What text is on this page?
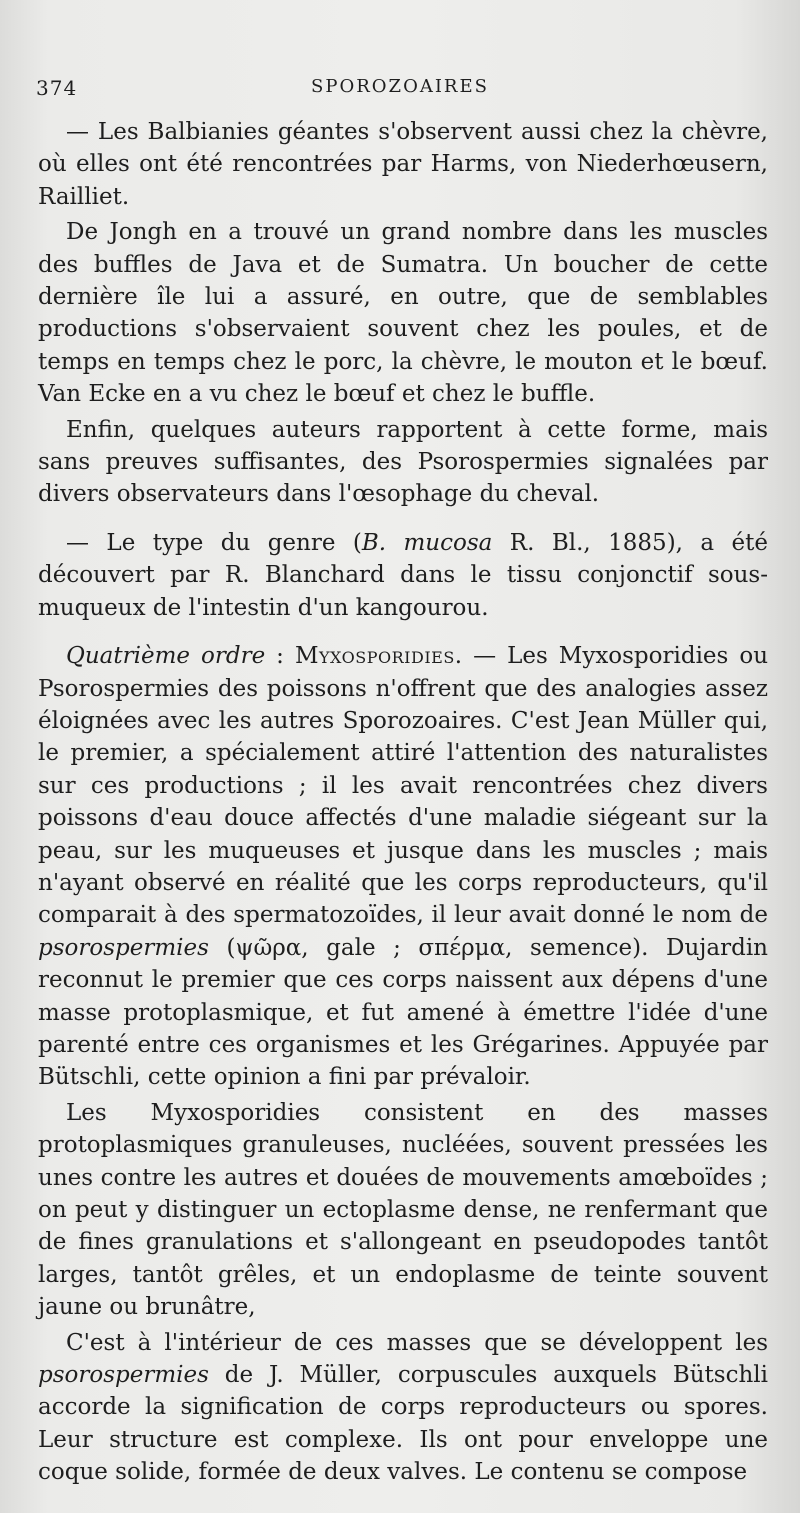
374	SPOROZOAIRES

— Les Balbianies géantes s'observent aussi chez la chèvre, où elles ont été rencontrées par Harms, von Niederhœusern, Railliet.

De Jongh en a trouvé un grand nombre dans les muscles des buffles de Java et de Sumatra. Un boucher de cette dernière île lui a assuré, en outre, que de semblables productions s'observaient souvent chez les poules, et de temps en temps chez le porc, la chèvre, le mouton et le bœuf. Van Ecke en a vu chez le bœuf et chez le buffle.

Enfin, quelques auteurs rapportent à cette forme, mais sans preuves suffisantes, des Psorospermies signalées par divers observateurs dans l'œsophage du cheval.

— Le type du genre (B. mucosa R. Bl., 1885), a été découvert par R. Blanchard dans le tissu conjonctif sous-muqueux de l'intestin d'un kangourou.

Quatrième ordre : Myxosporidies. — Les Myxosporidies ou Psorospermies des poissons n'offrent que des analogies assez éloignées avec les autres Sporozoaires. C'est Jean Müller qui, le premier, a spécialement attiré l'attention des naturalistes sur ces productions ; il les avait rencontrées chez divers poissons d'eau douce affectés d'une maladie siégeant sur la peau, sur les muqueuses et jusque dans les muscles ; mais n'ayant observé en réalité que les corps reproducteurs, qu'il comparait à des spermatozoïdes, il leur avait donné le nom de psorospermies (ψῶρα, gale ; σπέρμα, semence). Dujardin reconnut le premier que ces corps naissent aux dépens d'une masse protoplasmique, et fut amené à émettre l'idée d'une parenté entre ces organismes et les Grégarines. Appuyée par Bütschli, cette opinion a fini par prévaloir.

Les Myxosporidies consistent en des masses protoplasmiques granuleuses, nucléées, souvent pressées les unes contre les autres et douées de mouvements amœboïdes ; on peut y distinguer un ectoplasme dense, ne renfermant que de fines granulations et s'allongeant en pseudopodes tantôt larges, tantôt grêles, et un endoplasme de teinte souvent jaune ou brunâtre,

C'est à l'intérieur de ces masses que se développent les psorospermies de J. Müller, corpuscules auxquels Bütschli accorde la signification de corps reproducteurs ou spores. Leur structure est complexe. Ils ont pour enveloppe une coque solide, formée de deux valves. Le contenu se compose
